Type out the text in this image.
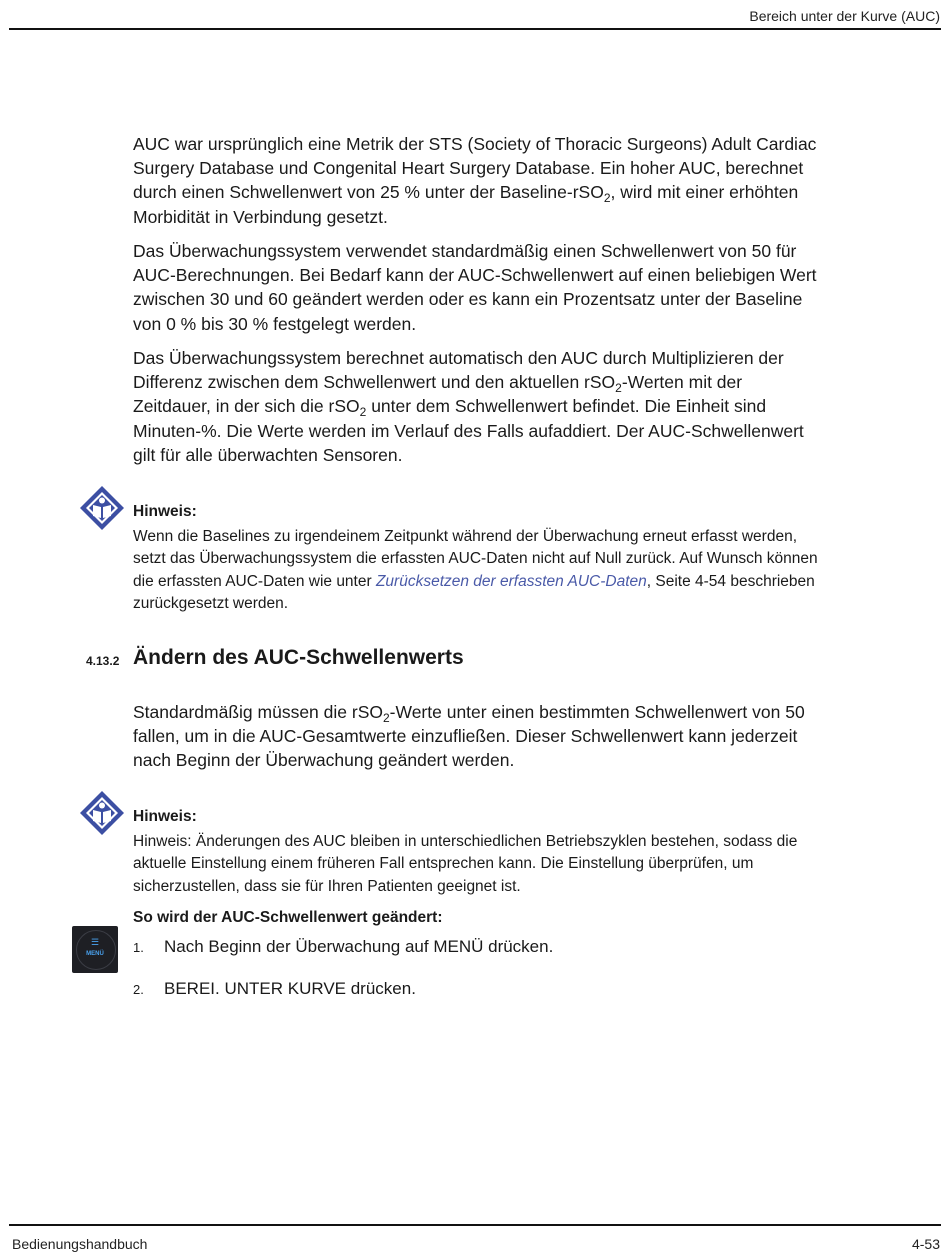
Bereich unter der Kurve (AUC)

AUC war ursprünglich eine Metrik der STS (Society of Thoracic Surgeons) Adult Cardiac Surgery Database und Congenital Heart Surgery Database. Ein hoher AUC, berechnet durch einen Schwellenwert von 25 % unter der Baseline-rSO$_2$, wird mit einer erhöhten Morbidität in Verbindung gesetzt.

Das Überwachungssystem verwendet standardmäßig einen Schwellenwert von 50 für AUC-Berechnungen. Bei Bedarf kann der AUC-Schwellenwert auf einen beliebigen Wert zwischen 30 und 60 geändert werden oder es kann ein Prozentsatz unter der Baseline von 0 % bis 30 % festgelegt werden.

Das Überwachungssystem berechnet automatisch den AUC durch Multiplizieren der Differenz zwischen dem Schwellenwert und den aktuellen rSO$_2$-Werten mit der Zeitdauer, in der sich die rSO$_2$ unter dem Schwellenwert befindet. Die Einheit sind Minuten-%. Die Werte werden im Verlauf des Falls aufaddiert. Der AUC-Schwellenwert gilt für alle überwachten Sensoren.

Hinweis:

Wenn die Baselines zu irgendeinem Zeitpunkt während der Überwachung erneut erfasst werden, setzt das Überwachungssystem die erfassten AUC-Daten nicht auf Null zurück. Auf Wunsch können die erfassten AUC-Daten wie unter Zurücksetzen der erfassten AUC-Daten, Seite 4-54 beschrieben zurückgesetzt werden.

4.13.2 Ändern des AUC-Schwellenwerts

Standardmäßig müssen die rSO$_2$-Werte unter einen bestimmten Schwellenwert von 50 fallen, um in die AUC-Gesamtwerte einzufließen. Dieser Schwellenwert kann jederzeit nach Beginn der Überwachung geändert werden.

Hinweis:

Hinweis: Änderungen des AUC bleiben in unterschiedlichen Betriebszyklen bestehen, sodass die aktuelle Einstellung einem früheren Fall entsprechen kann. Die Einstellung überprüfen, um sicherzustellen, dass sie für Ihren Patienten geeignet ist.

So wird der AUC-Schwellenwert geändert:
☰
MENÜ	1. Nach Beginn der Überwachung auf MENÜ drücken.
2. BEREI. UNTER KURVE drücken.
Bedienungshandbuch	4-53
